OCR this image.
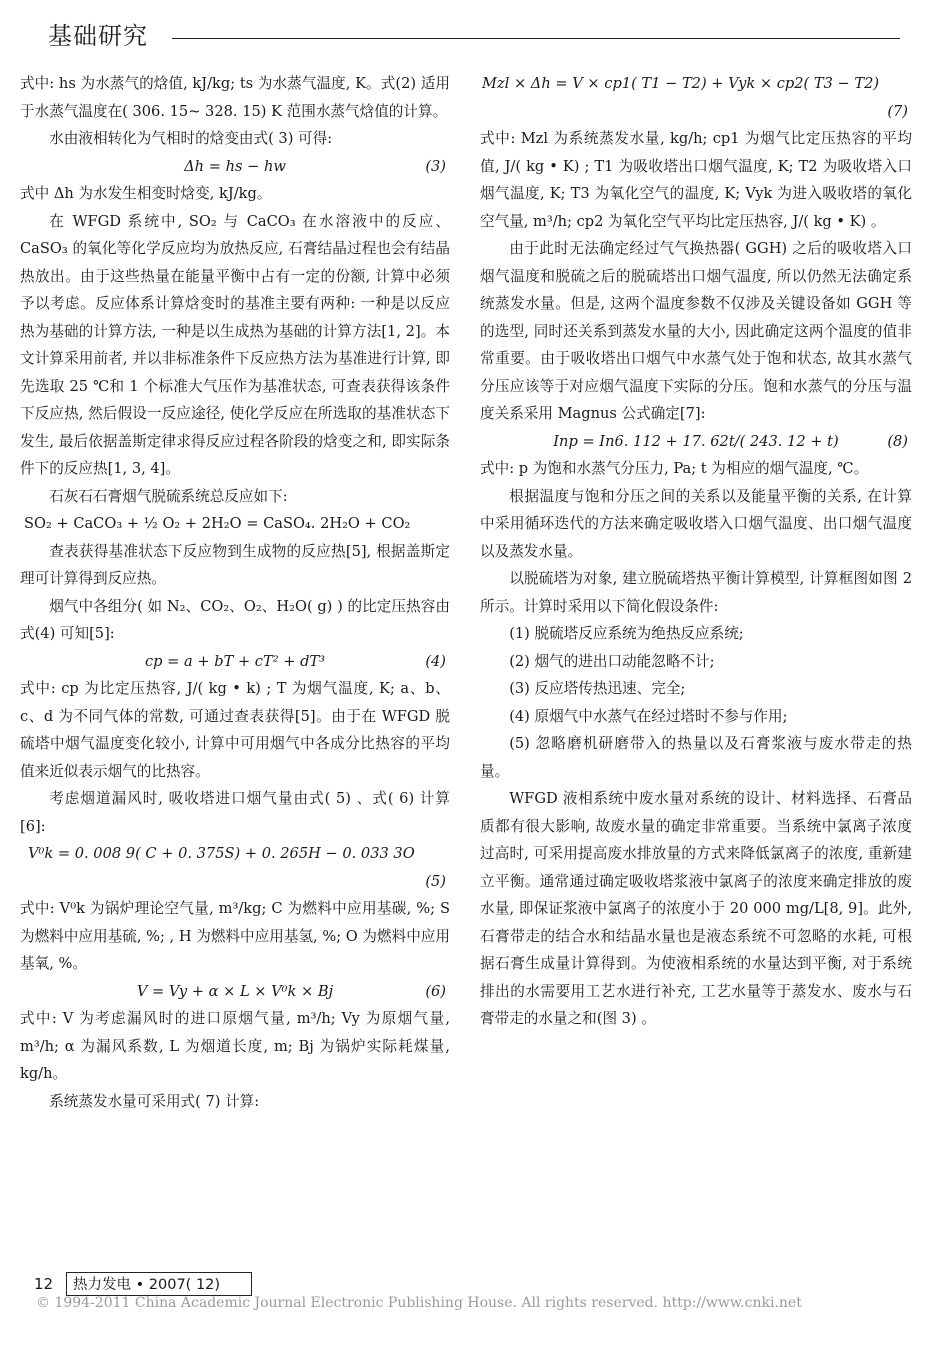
基础研究

式中: hs 为水蒸气的焓值, kJ/kg; ts 为水蒸气温度, K。式(2) 适用于水蒸气温度在( 306. 15~ 328. 15) K 范围水蒸气焓值的计算。

水由液相转化为气相时的焓变由式( 3) 可得:

Δh = hs − hw	(3)

式中 Δh 为水发生相变时焓变, kJ/kg。

在 WFGD 系统中, SO₂ 与 CaCO₃ 在水溶液中的反应、CaSO₃ 的氧化等化学反应均为放热反应, 石膏结晶过程也会有结晶热放出。由于这些热量在能量平衡中占有一定的份额, 计算中必须予以考虑。反应体系计算焓变时的基准主要有两种: 一种是以反应热为基础的计算方法, 一种是以生成热为基础的计算方法[1, 2]。本文计算采用前者, 并以非标准条件下反应热方法为基准进行计算, 即先选取 25 ℃和 1 个标准大气压作为基准状态, 可查表获得该条件下反应热, 然后假设一反应途径, 使化学反应在所选取的基准状态下发生, 最后依据盖斯定律求得反应过程各阶段的焓变之和, 即实际条件下的反应热[1, 3, 4]。

石灰石石膏烟气脱硫系统总反应如下:

SO₂ + CaCO₃ + ½ O₂ + 2H₂O = CaSO₄. 2H₂O + CO₂

查表获得基准状态下反应物到生成物的反应热[5], 根据盖斯定理可计算得到反应热。

烟气中各组分( 如 N₂、CO₂、O₂、H₂O( g) ) 的比定压热容由式(4) 可知[5]:

cp = a + bT + cT² + dT³	(4)

式中: cp 为比定压热容, J/( kg • k) ; T 为烟气温度, K; a、b、c、d 为不同气体的常数, 可通过查表获得[5]。由于在 WFGD 脱硫塔中烟气温度变化较小, 计算中可用烟气中各成分比热容的平均值来近似表示烟气的比热容。

考虑烟道漏风时, 吸收塔进口烟气量由式( 5) 、式( 6) 计算[6]:

V⁰k = 0. 008 9( C + 0. 375S) + 0. 265H − 0. 033 3O

(5)

式中: V⁰k 为锅炉理论空气量, m³/kg; C 为燃料中应用基碳, %; S 为燃料中应用基硫, %; , H 为燃料中应用基氢, %; O 为燃料中应用基氧, %。

V = Vy + α × L × V⁰k × Bj	(6)

式中: V 为考虑漏风时的进口原烟气量, m³/h; Vy 为原烟气量, m³/h; α 为漏风系数, L 为烟道长度, m; Bj 为锅炉实际耗煤量, kg/h。

系统蒸发水量可采用式( 7) 计算:

Mzl × Δh = V × cp1( T1 − T2) + Vyk × cp2( T3 − T2)

(7)

式中: Mzl 为系统蒸发水量, kg/h; cp1 为烟气比定压热容的平均值, J/( kg • K) ; T1 为吸收塔出口烟气温度, K; T2 为吸收塔入口烟气温度, K; T3 为氧化空气的温度, K; Vyk 为进入吸收塔的氧化空气量, m³/h; cp2 为氧化空气平均比定压热容, J/( kg • K) 。

由于此时无法确定经过气气换热器( GGH) 之后的吸收塔入口烟气温度和脱硫之后的脱硫塔出口烟气温度, 所以仍然无法确定系统蒸发水量。但是, 这两个温度参数不仅涉及关键设备如 GGH 等的选型, 同时还关系到蒸发水量的大小, 因此确定这两个温度的值非常重要。由于吸收塔出口烟气中水蒸气处于饱和状态, 故其水蒸气分压应该等于对应烟气温度下实际的分压。饱和水蒸气的分压与温度关系采用 Magnus 公式确定[7]:

Inp = In6. 112 + 17. 62t/( 243. 12 + t)	(8)

式中: p 为饱和水蒸气分压力, Pa; t 为相应的烟气温度, ℃。

根据温度与饱和分压之间的关系以及能量平衡的关系, 在计算中采用循环迭代的方法来确定吸收塔入口烟气温度、出口烟气温度以及蒸发水量。

以脱硫塔为对象, 建立脱硫塔热平衡计算模型, 计算框图如图 2 所示。计算时采用以下简化假设条件:

(1) 脱硫塔反应系统为绝热反应系统;

(2) 烟气的进出口动能忽略不计;

(3) 反应塔传热迅速、完全;

(4) 原烟气中水蒸气在经过塔时不参与作用;

(5) 忽略磨机研磨带入的热量以及石膏浆液与废水带走的热量。

WFGD 液相系统中废水量对系统的设计、材料选择、石膏品质都有很大影响, 故废水量的确定非常重要。当系统中氯离子浓度过高时, 可采用提高废水排放量的方式来降低氯离子的浓度, 重新建立平衡。通常通过确定吸收塔浆液中氯离子的浓度来确定排放的废水量, 即保证浆液中氯离子的浓度小于 20 000 mg/L[8, 9]。此外, 石膏带走的结合水和结晶水量也是液态系统不可忽略的水耗, 可根据石膏生成量计算得到。为使液相系统的水量达到平衡, 对于系统排出的水需要用工艺水进行补充, 工艺水量等于蒸发水、废水与石膏带走的水量之和(图 3) 。

12	热力发电 • 2007( 12)
© 1994-2011 China Academic Journal Electronic Publishing House. All rights reserved. http://www.cnki.net
